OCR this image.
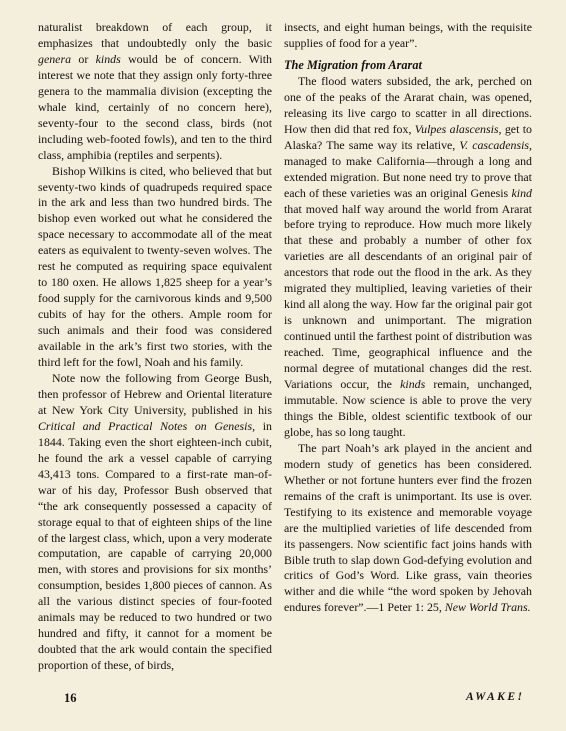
naturalist breakdown of each group, it emphasizes that undoubtedly only the basic genera or kinds would be of concern. With interest we note that they assign only forty-three genera to the mammalia division (excepting the whale kind, certainly of no concern here), seventy-four to the second class, birds (not including web-footed fowls), and ten to the third class, amphibia (reptiles and serpents).

Bishop Wilkins is cited, who believed that but seventy-two kinds of quadrupeds required space in the ark and less than two hundred birds. The bishop even worked out what he considered the space necessary to accommodate all of the meat eaters as equivalent to twenty-seven wolves. The rest he computed as requiring space equivalent to 180 oxen. He allows 1,825 sheep for a year’s food supply for the carnivorous kinds and 9,500 cubits of hay for the others. Ample room for such animals and their food was considered available in the ark’s first two stories, with the third left for the fowl, Noah and his family.

Note now the following from George Bush, then professor of Hebrew and Oriental literature at New York City University, published in his Critical and Practical Notes on Genesis, in 1844. Taking even the short eighteen-inch cubit, he found the ark a vessel capable of carrying 43,413 tons. Compared to a first-rate man-of-war of his day, Professor Bush observed that “the ark consequently possessed a capacity of storage equal to that of eighteen ships of the line of the largest class, which, upon a very moderate computation, are capable of carrying 20,000 men, with stores and provisions for six months’ consumption, besides 1,800 pieces of cannon. As all the various distinct species of four-footed animals may be reduced to two hundred or two hundred and fifty, it cannot for a moment be doubted that the ark would contain the specified proportion of these, of birds,

insects, and eight human beings, with the requisite supplies of food for a year”.

The Migration from Ararat

The flood waters subsided, the ark, perched on one of the peaks of the Ararat chain, was opened, releasing its live cargo to scatter in all directions. How then did that red fox, Vulpes alascensis, get to Alaska? The same way its relative, V. cascadensis, managed to make California—through a long and extended migration. But none need try to prove that each of these varieties was an original Genesis kind that moved half way around the world from Ararat before trying to reproduce. How much more likely that these and probably a number of other fox varieties are all descendants of an original pair of ancestors that rode out the flood in the ark. As they migrated they multiplied, leaving varieties of their kind all along the way. How far the original pair got is unknown and unimportant. The migration continued until the farthest point of distribution was reached. Time, geographical influence and the normal degree of mutational changes did the rest. Variations occur, the kinds remain, unchanged, immutable. Now science is able to prove the very things the Bible, oldest scientific textbook of our globe, has so long taught.

The part Noah’s ark played in the ancient and modern study of genetics has been considered. Whether or not fortune hunters ever find the frozen remains of the craft is unimportant. Its use is over. Testifying to its existence and memorable voyage are the multiplied varieties of life descended from its passengers. Now scientific fact joins hands with Bible truth to slap down God-defying evolution and critics of God’s Word. Like grass, vain theories wither and die while “the word spoken by Jehovah endures forever”.—1 Peter 1: 25, New World Trans.

16	AWAKE!
